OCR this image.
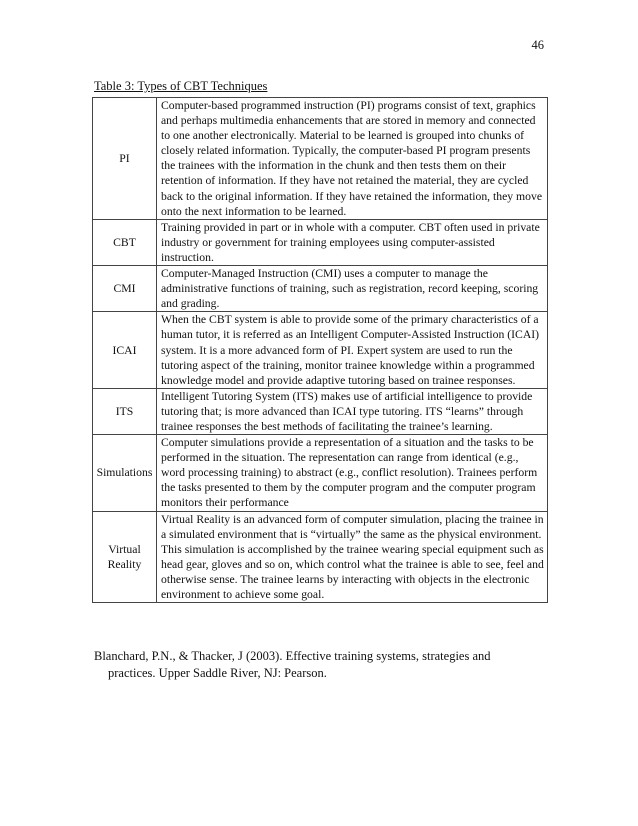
46
Table 3: Types of CBT Techniques
PI	Computer-based programmed instruction (PI) programs consist of text, graphics and perhaps multimedia enhancements that are stored in memory and connected to one another electronically. Material to be learned is grouped into chunks of closely related information. Typically, the computer-based PI program presents the trainees with the information in the chunk and then tests them on their retention of information. If they have not retained the material, they are cycled back to the original information. If they have retained the information, they move onto the next information to be learned.
CBT	Training provided in part or in whole with a computer. CBT often used in private industry or government for training employees using computer-assisted instruction.
CMI	Computer-Managed Instruction (CMI) uses a computer to manage the administrative functions of training, such as registration, record keeping, scoring and grading.
ICAI	When the CBT system is able to provide some of the primary characteristics of a human tutor, it is referred as an Intelligent Computer-Assisted Instruction (ICAI) system. It is a more advanced form of PI. Expert system are used to run the tutoring aspect of the training, monitor trainee knowledge within a programmed knowledge model and provide adaptive tutoring based on trainee responses.
ITS	Intelligent Tutoring System (ITS) makes use of artificial intelligence to provide tutoring that; is more advanced than ICAI type tutoring. ITS “learns” through trainee responses the best methods of facilitating the trainee’s learning.
Simulations	Computer simulations provide a representation of a situation and the tasks to be performed in the situation. The representation can range from identical (e.g., word processing training) to abstract (e.g., conflict resolution). Trainees perform the tasks presented to them by the computer program and the computer program monitors their performance
Virtual Reality	Virtual Reality is an advanced form of computer simulation, placing the trainee in a simulated environment that is “virtually” the same as the physical environment. This simulation is accomplished by the trainee wearing special equipment such as head gear, gloves and so on, which control what the trainee is able to see, feel and otherwise sense. The trainee learns by interacting with objects in the electronic environment to achieve some goal.
Blanchard, P.N., & Thacker, J (2003). Effective training systems, strategies and practices. Upper Saddle River, NJ: Pearson.
